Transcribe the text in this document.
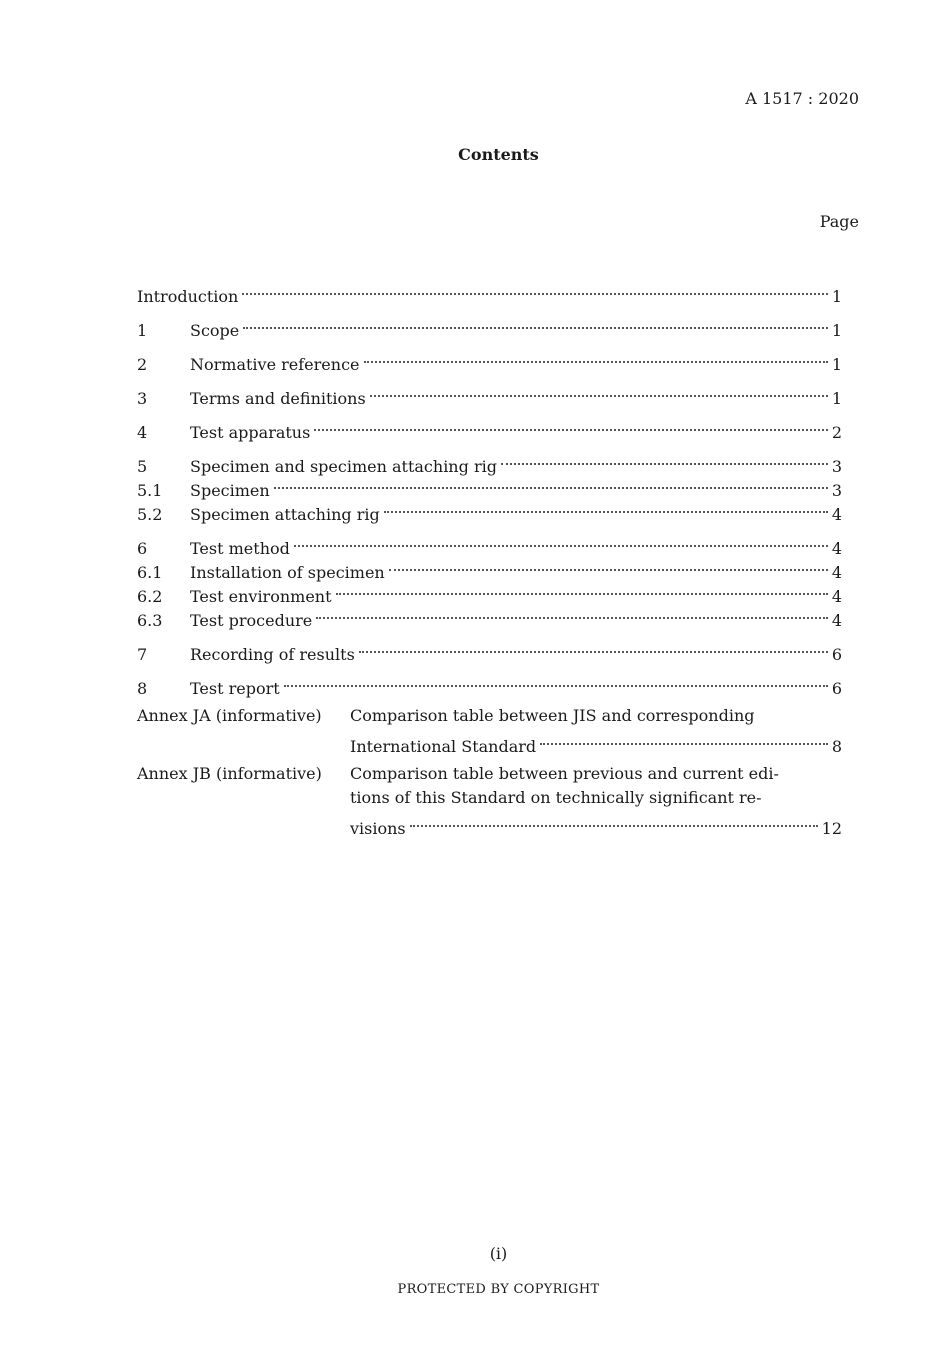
A 1517 : 2020
Contents
Page
Introduction	1
1	Scope	1
2	Normative reference	1
3	Terms and definitions	1
4	Test apparatus	2
5	Specimen and specimen attaching rig	3
5.1	Specimen	3
5.2	Specimen attaching rig	4
6	Test method	4
6.1	Installation of specimen	4
6.2	Test environment	4
6.3	Test procedure	4
7	Recording of results	6
8	Test report	6
Annex JA (informative)	Comparison table between JIS and corresponding
International Standard	8
Annex JB (informative)	Comparison table between previous and current edi-
tions of this Standard on technically significant re-
visions	12
(i)
PROTECTED BY COPYRIGHT
